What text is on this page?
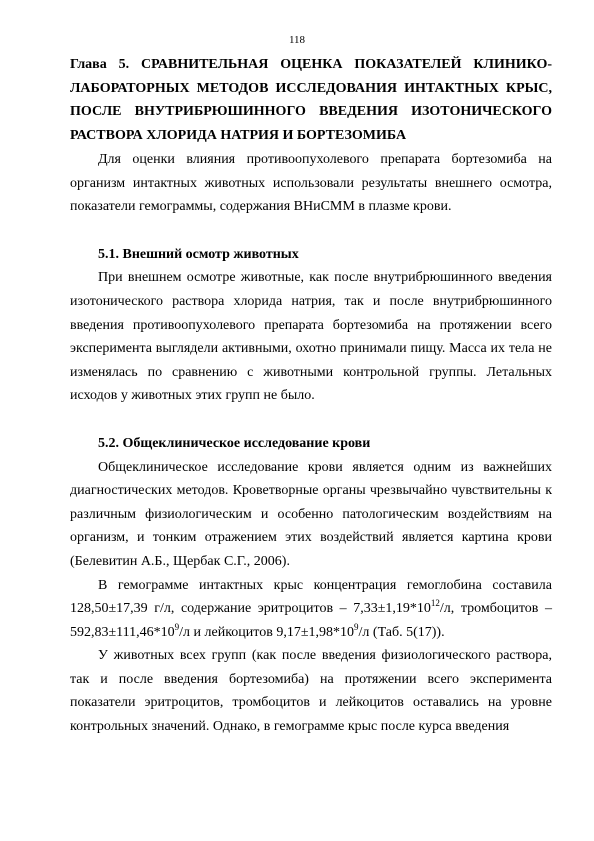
118
Глава 5. СРАВНИТЕЛЬНАЯ ОЦЕНКА ПОКАЗАТЕЛЕЙ КЛИНИКО-ЛАБОРАТОРНЫХ МЕТОДОВ ИССЛЕДОВАНИЯ ИНТАКТНЫХ КРЫС, ПОСЛЕ ВНУТРИБРЮШИННОГО ВВЕДЕНИЯ ИЗОТОНИЧЕСКОГО РАСТВОРА ХЛОРИДА НАТРИЯ И БОРТЕЗОМИБА

Для оценки влияния противоопухолевого препарата бортезомиба на организм интактных животных использовали результаты внешнего осмотра, показатели гемограммы, содержания ВНиСММ в плазме крови.

5.1. Внешний осмотр животных

При внешнем осмотре животные, как после внутрибрюшинного введения изотонического раствора хлорида натрия, так и после внутрибрюшинного введения противоопухолевого препарата бортезомиба на протяжении всего эксперимента выглядели активными, охотно принимали пищу. Масса их тела не изменялась по сравнению с животными контрольной группы. Летальных исходов у животных этих групп не было.

5.2. Общеклиническое исследование крови

Общеклиническое исследование крови является одним из важнейших диагностических методов. Кроветворные органы чрезвычайно чувствительны к различным физиологическим и особенно патологическим воздействиям на организм, и тонким отражением этих воздействий является картина крови (Белевитин А.Б., Щербак С.Г., 2006).

В гемограмме интактных крыс концентрация гемоглобина составила 128,50±17,39 г/л, содержание эритроцитов – $7,33\pm 1,19*10^{12}/л$, тромбоцитов – $592,83\pm 111,46*10^9/л$ и лейкоцитов $9,17\pm 1,98*10^9/л$ (Таб. 5(17)).

У животных всех групп (как после введения физиологического раствора, так и после введения бортезомиба) на протяжении всего эксперимента показатели эритроцитов, тромбоцитов и лейкоцитов оставались на уровне контрольных значений. Однако, в гемограмме крыс после курса введения
